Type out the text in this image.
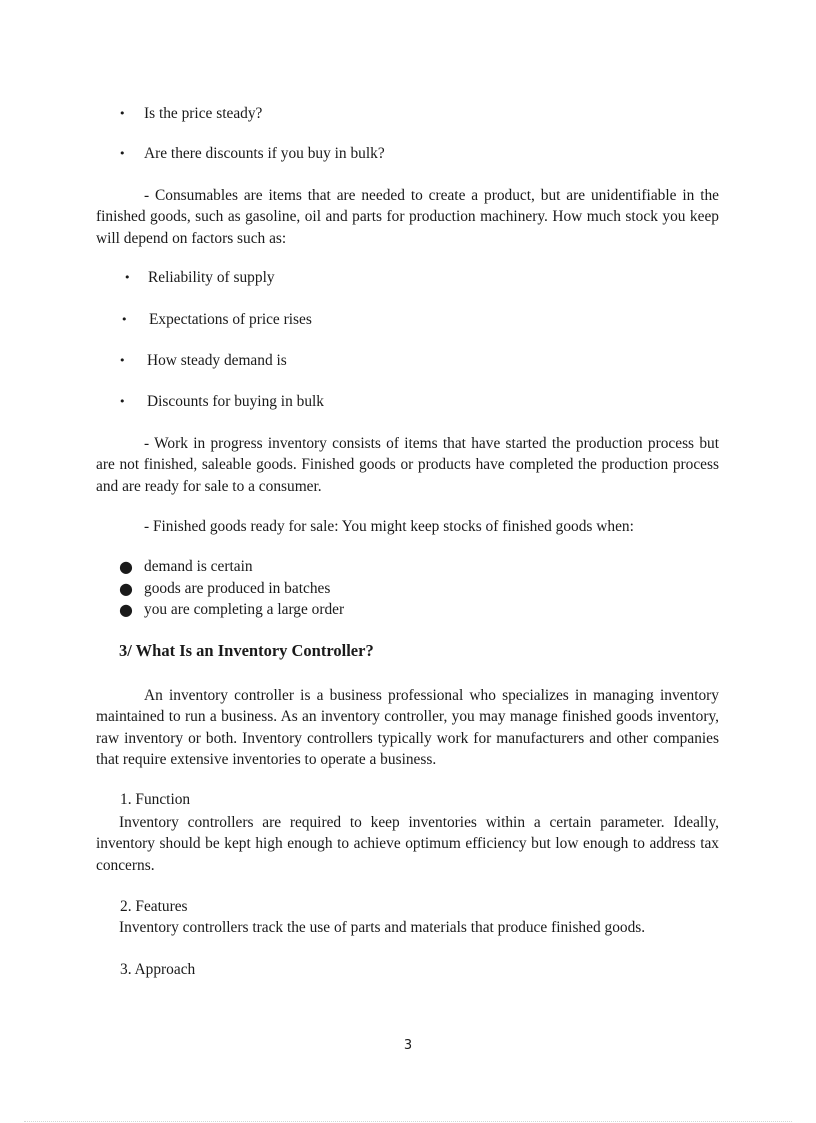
• Is the price steady?
• Are there discounts if you buy in bulk?

- Consumables are items that are needed to create a product, but are unidentifiable in the finished goods, such as gasoline, oil and parts for production machinery. How much stock you keep will depend on factors such as:

• Reliability of supply
• Expectations of price rises
• How steady demand is
• Discounts for buying in bulk

- Work in progress inventory consists of items that have started the production process but are not finished, saleable goods. Finished goods or products have completed the production process and are ready for sale to a consumer.

- Finished goods ready for sale: You might keep stocks of finished goods when:
● demand is certain
● goods are produced in batches
● you are completing a large order
3/ What Is an Inventory Controller?

An inventory controller is a business professional who specializes in managing inventory maintained to run a business. As an inventory controller, you may manage finished goods inventory, raw inventory or both. Inventory controllers typically work for manufacturers and other companies that require extensive inventories to operate a business.

1. Function

Inventory controllers are required to keep inventories within a certain parameter. Ideally, inventory should be kept high enough to achieve optimum efficiency but low enough to address tax concerns.

2. Features
Inventory controllers track the use of parts and materials that produce finished goods.
3. Approach
3
